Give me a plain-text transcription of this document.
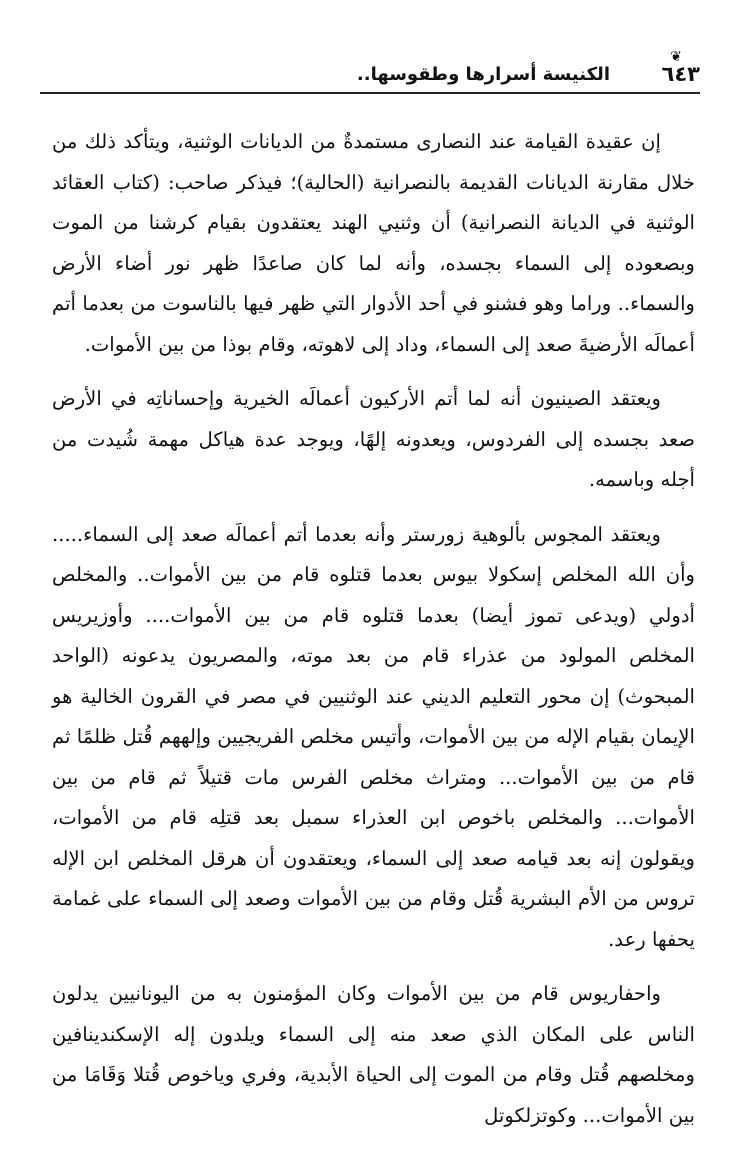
❦
٦٤٣
الكنيسة أسرارها وطقوسها..

إن عقيدة القيامة عند النصارى مستمدةٌ من الديانات الوثنية، ويتأكد ذلك من خلال مقارنة الديانات القديمة بالنصرانية (الحالية)؛ فيذكر صاحب: (كتاب العقائد الوثنية في الديانة النصرانية) أن وثنيي الهند يعتقدون بقيام كرشنا من الموت وبصعوده إلى السماء بجسده، وأنه لما كان صاعدًا ظهر نور أضاء الأرض والسماء.. وراما وهو فشنو في أحد الأدوار التي ظهر فيها بالناسوت من بعدما أتم أعمالَه الأرضيةَ صعد إلى السماء، وداد إلى لاهوته، وقام بوذا من بين الأموات.

ويعتقد الصينيون أنه لما أتم الأركيون أعمالَه الخيرية وإحساناتِه في الأرض صعد بجسده إلى الفردوس، ويعدونه إلهًا، ويوجد عدة هياكل مهمة شُيدت من أجله وباسمه.

ويعتقد المجوس بألوهية زورستر وأنه بعدما أتم أعمالَه صعد إلى السماء..... وأن الله المخلص إسكولا بيوس بعدما قتلوه قام من بين الأموات.. والمخلص أدولي (ويدعى تموز أيضا) بعدما قتلوه قام من بين الأموات.... وأوزيريس المخلص المولود من عذراء قام من بعد موته، والمصريون يدعونه (الواحد المبحوث) إن محور التعليم الديني عند الوثنيين في مصر في القرون الخالية هو الإيمان بقيام الإله من بين الأموات، وأتيس مخلص الفريجيين وإلههم قُتل ظلمًا ثم قام من بين الأموات... ومتراث مخلص الفرس مات قتيلاً ثم قام من بين الأموات... والمخلص باخوص ابن العذراء سمبل بعد قتلِه قام من الأموات، ويقولون إنه بعد قيامه صعد إلى السماء، ويعتقدون أن هرقل المخلص ابن الإله تروس من الأم البشرية قُتل وقام من بين الأموات وصعد إلى السماء على غمامة يحفها رعد.

واحفاريوس قام من بين الأموات وكان المؤمنون به من اليونانيين يدلون الناس على المكان الذي صعد منه إلى السماء ويلدون إله الإسكندينافين ومخلصهم قُتل وقام من الموت إلى الحياة الأبدية، وفري وياخوص قُتلا وَقَامَا من بين الأموات... وكوتزلكوتل
